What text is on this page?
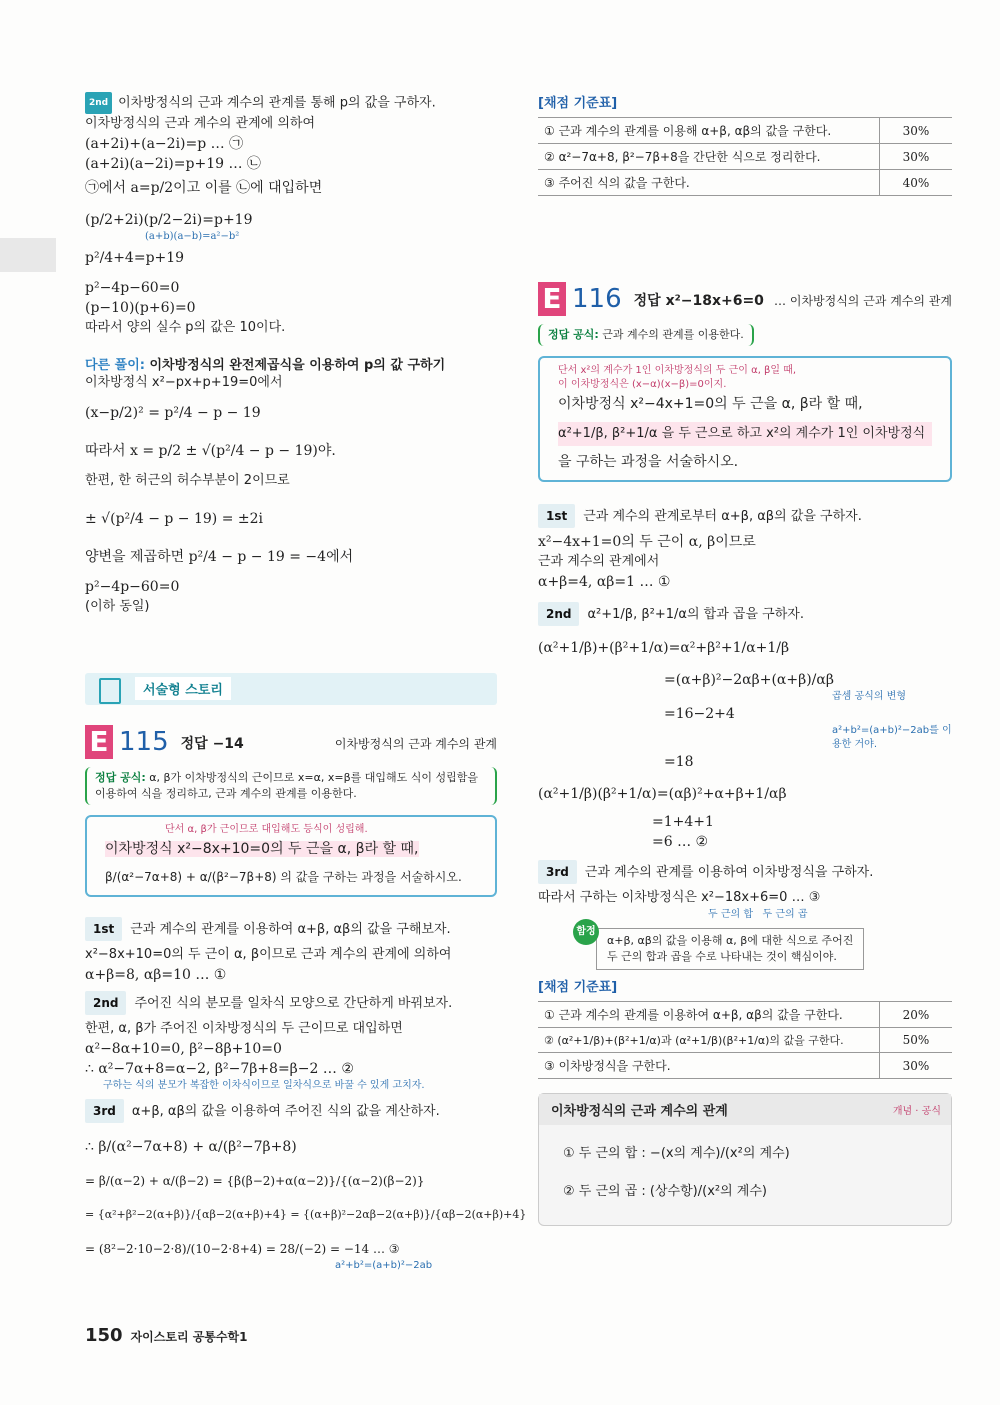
2nd 이차방정식의 근과 계수의 관계를 통해 p의 값을 구하자.
이차방정식의 근과 계수의 관계에 의하여
(a+2i)+(a−2i)=p … ㉠
(a+2i)(a−2i)=p+19 … ㉡
㉠에서 a=p/2이고 이를 ㉡에 대입하면
(p/2+2i)(p/2−2i)=p+19
(a+b)(a−b)=a²−b²
p²/4+4=p+19
p²−4p−60=0
(p−10)(p+6)=0
따라서 양의 실수 p의 값은 10이다.
다른 풀이: 이차방정식의 완전제곱식을 이용하여 p의 값 구하기
이차방정식 x²−px+p+19=0에서
(x−p/2)² = p²/4 − p − 19
따라서 x = p/2 ± √(p²/4 − p − 19)야.
한편, 한 허근의 허수부분이 2이므로
± √(p²/4 − p − 19) = ±2i
양변을 제곱하면 p²/4 − p − 19 = −4에서
p²−4p−60=0
(이하 동일)
서술형 스토리
E 115 정답 −14	이차방정식의 근과 계수의 관계
정답 공식: α, β가 이차방정식의 근이므로 x=α, x=β를 대입해도 식이 성립함을 이용하여 식을 정리하고, 근과 계수의 관계를 이용한다.
단서 α, β가 근이므로 대입해도 등식이 성립해.
이차방정식 x²−8x+10=0의 두 근을 α, β라 할 때,
β/(α²−7α+8) + α/(β²−7β+8) 의 값을 구하는 과정을 서술하시오.
1st 근과 계수의 관계를 이용하여 α+β, αβ의 값을 구해보자.
x²−8x+10=0의 두 근이 α, β이므로 근과 계수의 관계에 의하여
α+β=8, αβ=10 … ①
2nd 주어진 식의 분모를 일차식 모양으로 간단하게 바꿔보자.
한편, α, β가 주어진 이차방정식의 두 근이므로 대입하면
α²−8α+10=0, β²−8β+10=0
∴ α²−7α+8=α−2, β²−7β+8=β−2 … ②
구하는 식의 분모가 복잡한 이차식이므로 일차식으로 바꿀 수 있게 고치자.
3rd α+β, αβ의 값을 이용하여 주어진 식의 값을 계산하자.
∴ β/(α²−7α+8) + α/(β²−7β+8)
= β/(α−2) + α/(β−2) = {β(β−2)+α(α−2)}/{(α−2)(β−2)}
= {α²+β²−2(α+β)}/{αβ−2(α+β)+4} = {(α+β)²−2αβ−2(α+β)}/{αβ−2(α+β)+4}
= (8²−2·10−2·8)/(10−2·8+4) = 28/(−2) = −14 … ③
a²+b²=(a+b)²−2ab
[채점 기준표]
① 근과 계수의 관계를 이용해 α+β, αβ의 값을 구한다.	30%
② α²−7α+8, β²−7β+8을 간단한 식으로 정리한다.	30%
③ 주어진 식의 값을 구한다.	40%
E 116 정답 x²−18x+6=0 … 이차방정식의 근과 계수의 관계
정답 공식: 근과 계수의 관계를 이용한다.
단서 x²의 계수가 1인 이차방정식의 두 근이 α, β일 때,
이 이차방정식은 (x−α)(x−β)=0이지.
이차방정식 x²−4x+1=0의 두 근을 α, β라 할 때,
α²+1/β, β²+1/α 을 두 근으로 하고 x²의 계수가 1인 이차방정식
을 구하는 과정을 서술하시오.
1st 근과 계수의 관계로부터 α+β, αβ의 값을 구하자.
x²−4x+1=0의 두 근이 α, β이므로
근과 계수의 관계에서
α+β=4, αβ=1 … ①
2nd α²+1/β, β²+1/α의 합과 곱을 구하자.
(α²+1/β)+(β²+1/α)=α²+β²+1/α+1/β
=(α+β)²−2αβ+(α+β)/αβ
곱셈 공식의 변형
=16−2+4
a²+b²=(a+b)²−2ab를 이용한 거야.
=18
(α²+1/β)(β²+1/α)=(αβ)²+α+β+1/αβ
=1+4+1
=6 … ②
3rd 근과 계수의 관계를 이용하여 이차방정식을 구하자.
따라서 구하는 이차방정식은 x²−18x+6=0 … ③
두 근의 합 두 근의 곱
함정
α+β, αβ의 값을 이용해 α, β에 대한 식으로 주어진
두 근의 합과 곱을 수로 나타내는 것이 핵심이야.
[채점 기준표]
① 근과 계수의 관계를 이용하여 α+β, αβ의 값을 구한다.	20%
② (α²+1/β)+(β²+1/α)과 (α²+1/β)(β²+1/α)의 값을 구한다.	50%
③ 이차방정식을 구한다.	30%
이차방정식의 근과 계수의 관계	개념 · 공식
① 두 근의 합 : −(x의 계수)/(x²의 계수)
② 두 근의 곱 : (상수항)/(x²의 계수)
150 자이스토리 공통수학1
